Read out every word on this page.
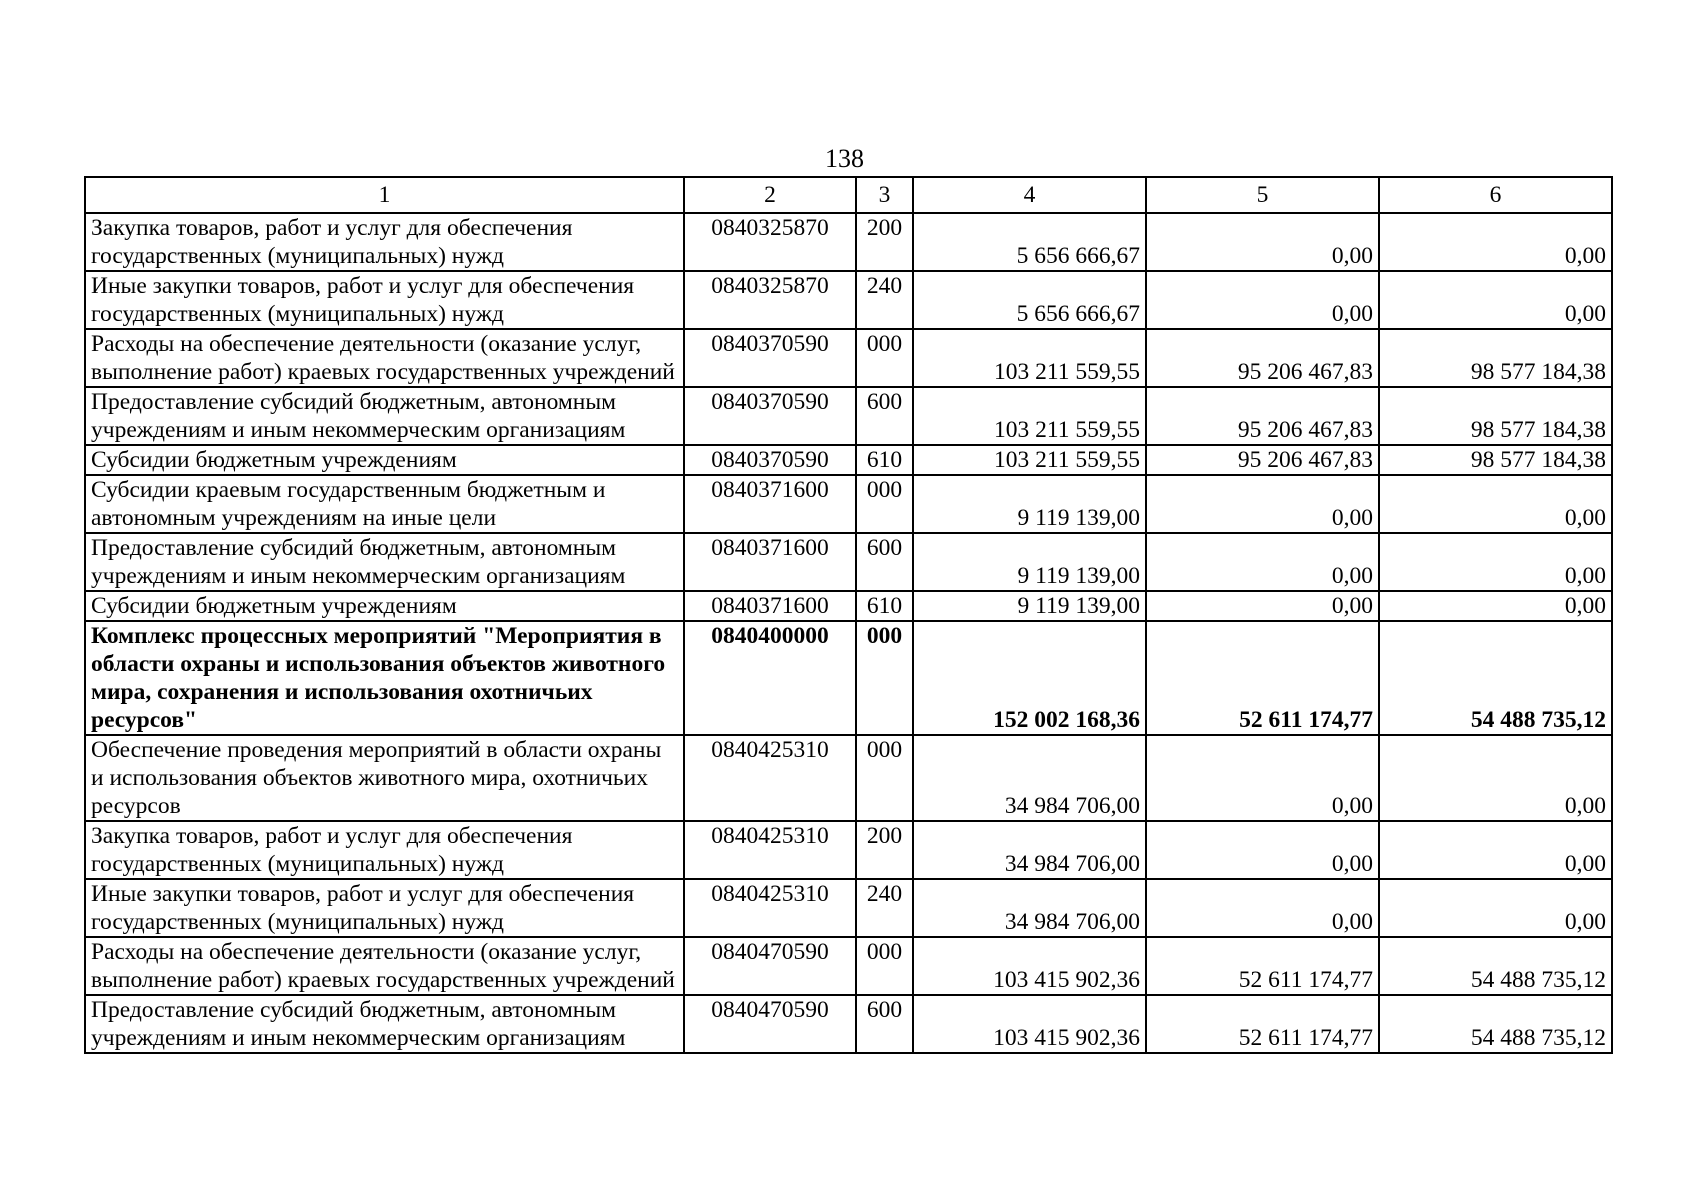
138
1	2	3	4	5	6
Закупка товаров, работ и услуг для обеспечения государственных (муниципальных) нужд	0840325870	200	5 656 666,67	0,00	0,00
Иные закупки товаров, работ и услуг для обеспечения государственных (муниципальных) нужд	0840325870	240	5 656 666,67	0,00	0,00
Расходы на обеспечение деятельности (оказание услуг, выполнение работ) краевых государственных учреждений	0840370590	000	103 211 559,55	95 206 467,83	98 577 184,38
Предоставление субсидий бюджетным, автономным учреждениям и иным некоммерческим организациям	0840370590	600	103 211 559,55	95 206 467,83	98 577 184,38
Субсидии бюджетным учреждениям	0840370590	610	103 211 559,55	95 206 467,83	98 577 184,38
Субсидии краевым государственным бюджетным и автономным учреждениям на иные цели	0840371600	000	9 119 139,00	0,00	0,00
Предоставление субсидий бюджетным, автономным учреждениям и иным некоммерческим организациям	0840371600	600	9 119 139,00	0,00	0,00
Субсидии бюджетным учреждениям	0840371600	610	9 119 139,00	0,00	0,00
Комплекс процессных мероприятий "Мероприятия в области охраны и использования объектов животного мира, сохранения и использования охотничьих ресурсов"	0840400000	000	152 002 168,36	52 611 174,77	54 488 735,12
Обеспечение проведения мероприятий в области охраны и использования объектов животного мира, охотничьих ресурсов	0840425310	000	34 984 706,00	0,00	0,00
Закупка товаров, работ и услуг для обеспечения государственных (муниципальных) нужд	0840425310	200	34 984 706,00	0,00	0,00
Иные закупки товаров, работ и услуг для обеспечения государственных (муниципальных) нужд	0840425310	240	34 984 706,00	0,00	0,00
Расходы на обеспечение деятельности (оказание услуг, выполнение работ) краевых государственных учреждений	0840470590	000	103 415 902,36	52 611 174,77	54 488 735,12
Предоставление субсидий бюджетным, автономным учреждениям и иным некоммерческим организациям	0840470590	600	103 415 902,36	52 611 174,77	54 488 735,12
